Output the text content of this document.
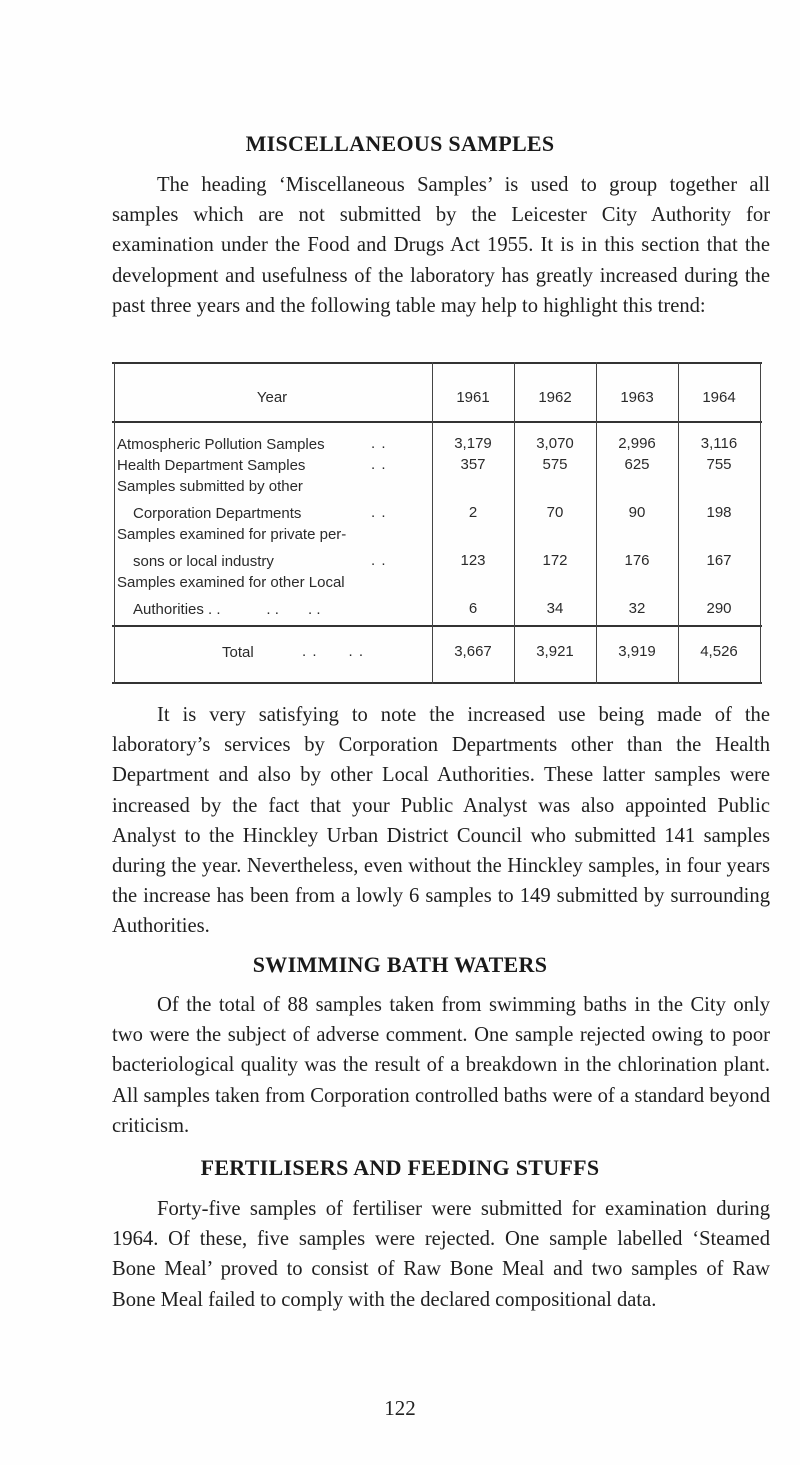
MISCELLANEOUS SAMPLES

The heading ‘Miscellaneous Samples’ is used to group together all samples which are not submitted by the Leicester City Authority for examination under the Food and Drugs Act 1955. It is in this section that the development and usefulness of the laboratory has greatly increased during the past three years and the following table may help to highlight this trend:

Year	1961	1962	1963	1964
Atmospheric Pollution Samples	. .	3,179	3,070	2,996	3,116
Health Department Samples	. .	357	575	625	755
Samples submitted by other
Corporation Departments	. .	2	70	90	198
Samples examined for private per-
sons or local industry	. .	123	172	176	167
Samples examined for other Local
Authorities . .           . .       . .	6	34	32	290
Total	. .      . .	3,667	3,921	3,919	4,526

It is very satisfying to note the increased use being made of the laboratory’s services by Corporation Departments other than the Health Department and also by other Local Authorities. These latter samples were increased by the fact that your Public Analyst was also appointed Public Analyst to the Hinckley Urban District Council who submitted 141 samples during the year. Nevertheless, even without the Hinckley samples, in four years the increase has been from a lowly 6 samples to 149 submitted by surrounding Authorities.

SWIMMING BATH WATERS

Of the total of 88 samples taken from swimming baths in the City only two were the subject of adverse comment. One sample rejected owing to poor bacteriological quality was the result of a breakdown in the chlorination plant. All samples taken from Corporation controlled baths were of a standard beyond criticism.

FERTILISERS AND FEEDING STUFFS

Forty-five samples of fertiliser were submitted for examination during 1964. Of these, five samples were rejected. One sample labelled ‘Steamed Bone Meal’ proved to consist of Raw Bone Meal and two samples of Raw Bone Meal failed to comply with the declared compositional data.

122
